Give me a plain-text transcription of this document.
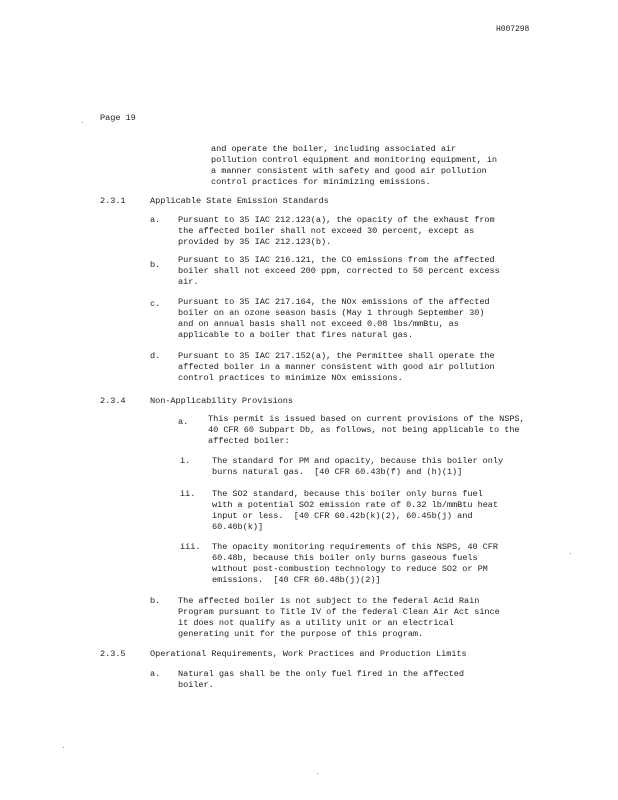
H007298
Page 19
and operate the boiler, including associated air
pollution control equipment and monitoring equipment, in
a manner consistent with safety and good air pollution
control practices for minimizing emissions.
2.3.1	Applicable State Emission Standards
a. Pursuant to 35 IAC 212.123(a), the opacity of the exhaust from
the affected boiler shall not exceed 30 percent, except as
provided by 35 IAC 212.123(b).
b. Pursuant to 35 IAC 216.121, the CO emissions from the affected
boiler shall not exceed 200 ppm, corrected to 50 percent excess
air.
c. Pursuant to 35 IAC 217.164, the NOx emissions of the affected
boiler on an ozone season basis (May 1 through September 30)
and on annual basis shall not exceed 0.08 lbs/mmBtu, as
applicable to a boiler that fires natural gas.
d. Pursuant to 35 IAC 217.152(a), the Permittee shall operate the
affected boiler in a manner consistent with good air pollution
control practices to minimize NOx emissions.
2.3.4	Non-Applicability Provisions
a. This permit is issued based on current provisions of the NSPS,
40 CFR 60 Subpart Db, as follows, not being applicable to the
affected boiler:
i.	The standard for PM and opacity, because this boiler only
burns natural gas.  [40 CFR 60.43b(f) and (h)(1)]
ii. The SO2 standard, because this boiler only burns fuel
with a potential SO2 emission rate of 0.32 lb/mmBtu heat
input or less.  [40 CFR 60.42b(k)(2), 60.45b(j) and
60.40b(k)]
iii. The opacity monitoring requirements of this NSPS, 40 CFR
60.48b, because this boiler only burns gaseous fuels
without post-combustion technology to reduce SO2 or PM
emissions.  [40 CFR 60.48b(j)(2)]
b. The affected boiler is not subject to the federal Acid Rain
Program pursuant to Title IV of the federal Clean Air Act since
it does not qualify as a utility unit or an electrical
generating unit for the purpose of this program.
2.3.5	Operational Requirements, Work Practices and Production Limits
a. Natural gas shall be the only fuel fired in the affected
boiler.
